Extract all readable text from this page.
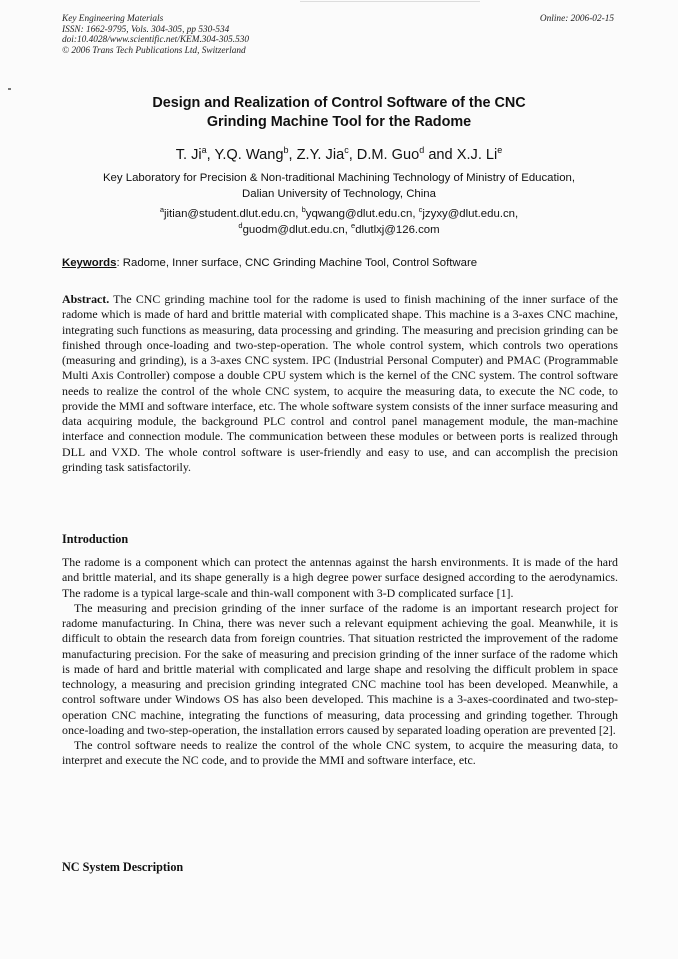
Key Engineering Materials
ISSN: 1662-9795, Vols. 304-305, pp 530-534
doi:10.4028/www.scientific.net/KEM.304-305.530
© 2006 Trans Tech Publications Ltd, Switzerland
Online: 2006-02-15
Design and Realization of Control Software of the CNC
Grinding Machine Tool for the Radome
T. Ji$^a$, Y.Q. Wang$^b$, Z.Y. Jia$^c$, D.M. Guo$^d$ and X.J. Li$^e$
Key Laboratory for Precision & Non-traditional Machining Technology of Ministry of Education,
Dalian University of Technology, China
$^a$jitian@student.dlut.edu.cn, $^b$yqwang@dlut.edu.cn, $^c$jzyxy@dlut.edu.cn,
$^d$guodm@dlut.edu.cn, $^e$dlutlxj@126.com
Keywords: Radome, Inner surface, CNC Grinding Machine Tool, Control Software
Abstract. The CNC grinding machine tool for the radome is used to finish machining of the inner surface of the radome which is made of hard and brittle material with complicated shape. This machine is a 3-axes CNC machine, integrating such functions as measuring, data processing and grinding. The measuring and precision grinding can be finished through once-loading and two-step-operation. The whole control system, which controls two operations (measuring and grinding), is a 3-axes CNC system. IPC (Industrial Personal Computer) and PMAC (Programmable Multi Axis Controller) compose a double CPU system which is the kernel of the CNC system. The control software needs to realize the control of the whole CNC system, to acquire the measuring data, to execute the NC code, to provide the MMI and software interface, etc. The whole software system consists of the inner surface measuring and data acquiring module, the background PLC control and control panel management module, the man-machine interface and connection module. The communication between these modules or between ports is realized through DLL and VXD. The whole control software is user-friendly and easy to use, and can accomplish the precision grinding task satisfactorily.
Introduction

The radome is a component which can protect the antennas against the harsh environments. It is made of the hard and brittle material, and its shape generally is a high degree power surface designed according to the aerodynamics. The radome is a typical large-scale and thin-wall component with 3-D complicated surface [1].

The measuring and precision grinding of the inner surface of the radome is an important research project for radome manufacturing. In China, there was never such a relevant equipment achieving the goal. Meanwhile, it is difficult to obtain the research data from foreign countries. That situation restricted the improvement of the radome manufacturing precision. For the sake of measuring and precision grinding of the inner surface of the radome which is made of hard and brittle material with complicated and large shape and resolving the difficult problem in space technology, a measuring and precision grinding integrated CNC machine tool has been developed. Meanwhile, a control software under Windows OS has also been developed. This machine is a 3-axes-coordinated and two-step-operation CNC machine, integrating the functions of measuring, data processing and grinding together. Through once-loading and two-step-operation, the installation errors caused by separated loading operation are prevented [2].

The control software needs to realize the control of the whole CNC system, to acquire the measuring data, to interpret and execute the NC code, and to provide the MMI and software interface, etc.

NC System Description
